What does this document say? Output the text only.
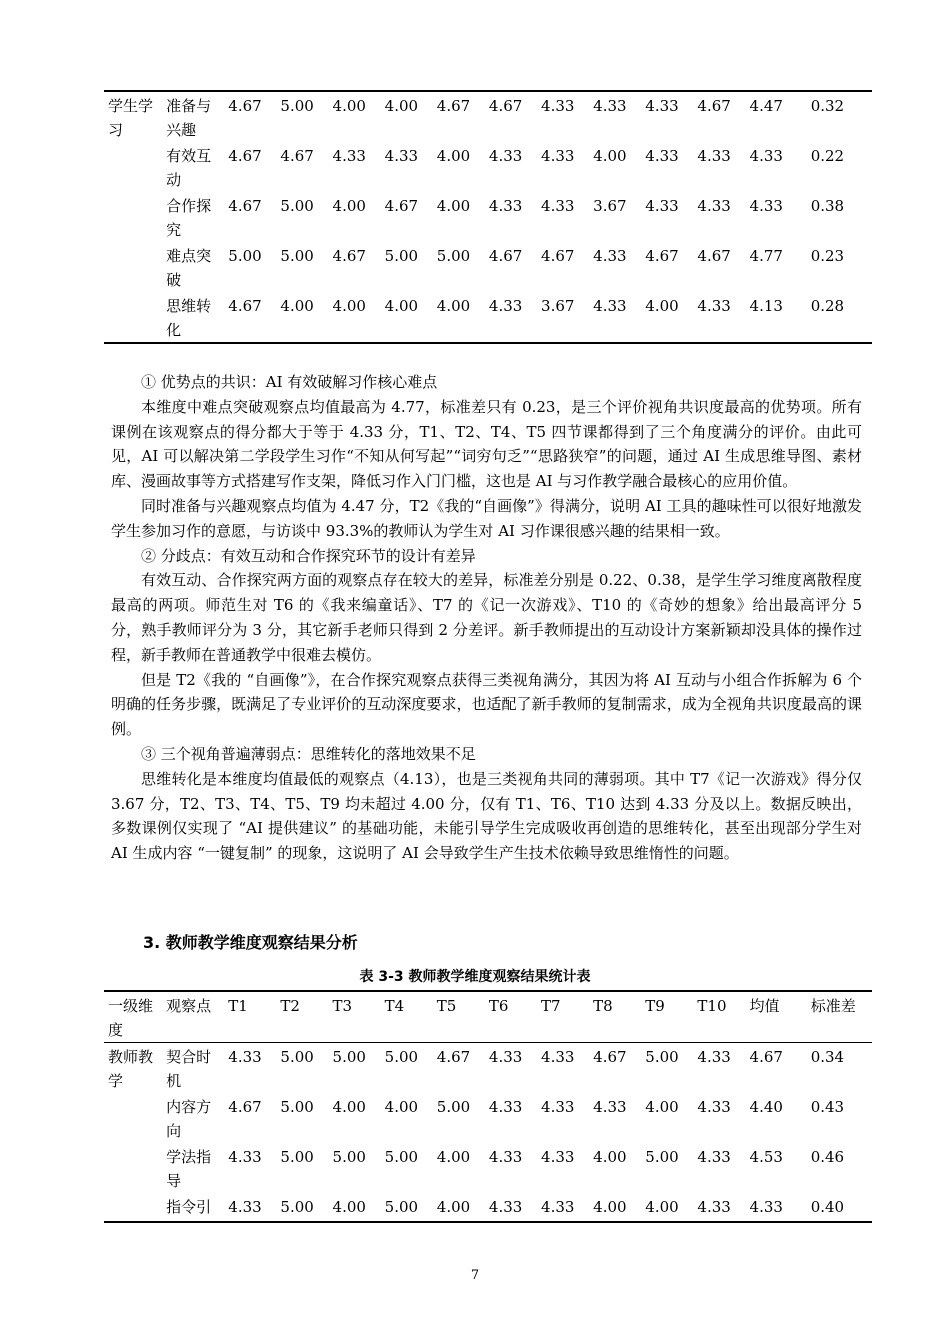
学生学习	准备与兴趣	4.67	5.00	4.00	4.00	4.67	4.67	4.33	4.33	4.33	4.67	4.47	0.32
	有效互动	4.67	4.67	4.33	4.33	4.00	4.33	4.33	4.00	4.33	4.33	4.33	0.22
	合作探究	4.67	5.00	4.00	4.67	4.00	4.33	4.33	3.67	4.33	4.33	4.33	0.38
	难点突破	5.00	5.00	4.67	5.00	5.00	4.67	4.67	4.33	4.67	4.67	4.77	0.23
	思维转化	4.67	4.00	4.00	4.00	4.00	4.33	3.67	4.33	4.00	4.33	4.13	0.28

① 优势点的共识：AI 有效破解习作核心难点

本维度中难点突破观察点均值最高为 4.77，标准差只有 0.23，是三个评价视角共识度最高的优势项。所有课例在该观察点的得分都大于等于 4.33 分，T1、T2、T4、T5 四节课都得到了三个角度满分的评价。由此可见，AI 可以解决第二学段学生习作“不知从何写起”“词穷句乏”“思路狭窄”的问题，通过 AI 生成思维导图、素材库、漫画故事等方式搭建写作支架，降低习作入门门槛，这也是 AI 与习作教学融合最核心的应用价值。

同时准备与兴趣观察点均值为 4.47 分，T2《我的“自画像”》得满分，说明 AI 工具的趣味性可以很好地激发学生参加习作的意愿，与访谈中 93.3%的教师认为学生对 AI 习作课很感兴趣的结果相一致。

② 分歧点：有效互动和合作探究环节的设计有差异

有效互动、合作探究两方面的观察点存在较大的差异，标准差分别是 0.22、0.38，是学生学习维度离散程度最高的两项。师范生对 T6 的《我来编童话》、T7 的《记一次游戏》、T10 的《奇妙的想象》给出最高评分 5 分，熟手教师评分为 3 分，其它新手老师只得到 2 分差评。新手教师提出的互动设计方案新颖却没具体的操作过程，新手教师在普通教学中很难去模仿。

但是 T2《我的 “自画像”》，在合作探究观察点获得三类视角满分，其因为将 AI 互动与小组合作拆解为 6 个明确的任务步骤，既满足了专业评价的互动深度要求，也适配了新手教师的复制需求，成为全视角共识度最高的课例。

③ 三个视角普遍薄弱点：思维转化的落地效果不足

思维转化是本维度均值最低的观察点（4.13），也是三类视角共同的薄弱项。其中 T7《记一次游戏》得分仅 3.67 分，T2、T3、T4、T5、T9 均未超过 4.00 分，仅有 T1、T6、T10 达到 4.33 分及以上。数据反映出，多数课例仅实现了 “AI 提供建议” 的基础功能，未能引导学生完成吸收再创造的思维转化，甚至出现部分学生对 AI 生成内容 “一键复制” 的现象，这说明了 AI 会导致学生产生技术依赖导致思维惰性的问题。

3. 教师教学维度观察结果分析
表 3-3 教师教学维度观察结果统计表
一级维度	观察点	T1	T2	T3	T4	T5	T6	T7	T8	T9	T10	均值	标准差
教师教学	契合时机	4.33	5.00	5.00	5.00	4.67	4.33	4.33	4.67	5.00	4.33	4.67	0.34
	内容方向	4.67	5.00	4.00	4.00	5.00	4.33	4.33	4.33	4.00	4.33	4.40	0.43
	学法指导	4.33	5.00	5.00	5.00	4.00	4.33	4.33	4.00	5.00	4.33	4.53	0.46
	指令引	4.33	5.00	4.00	5.00	4.00	4.33	4.33	4.00	4.00	4.33	4.33	0.40
7
